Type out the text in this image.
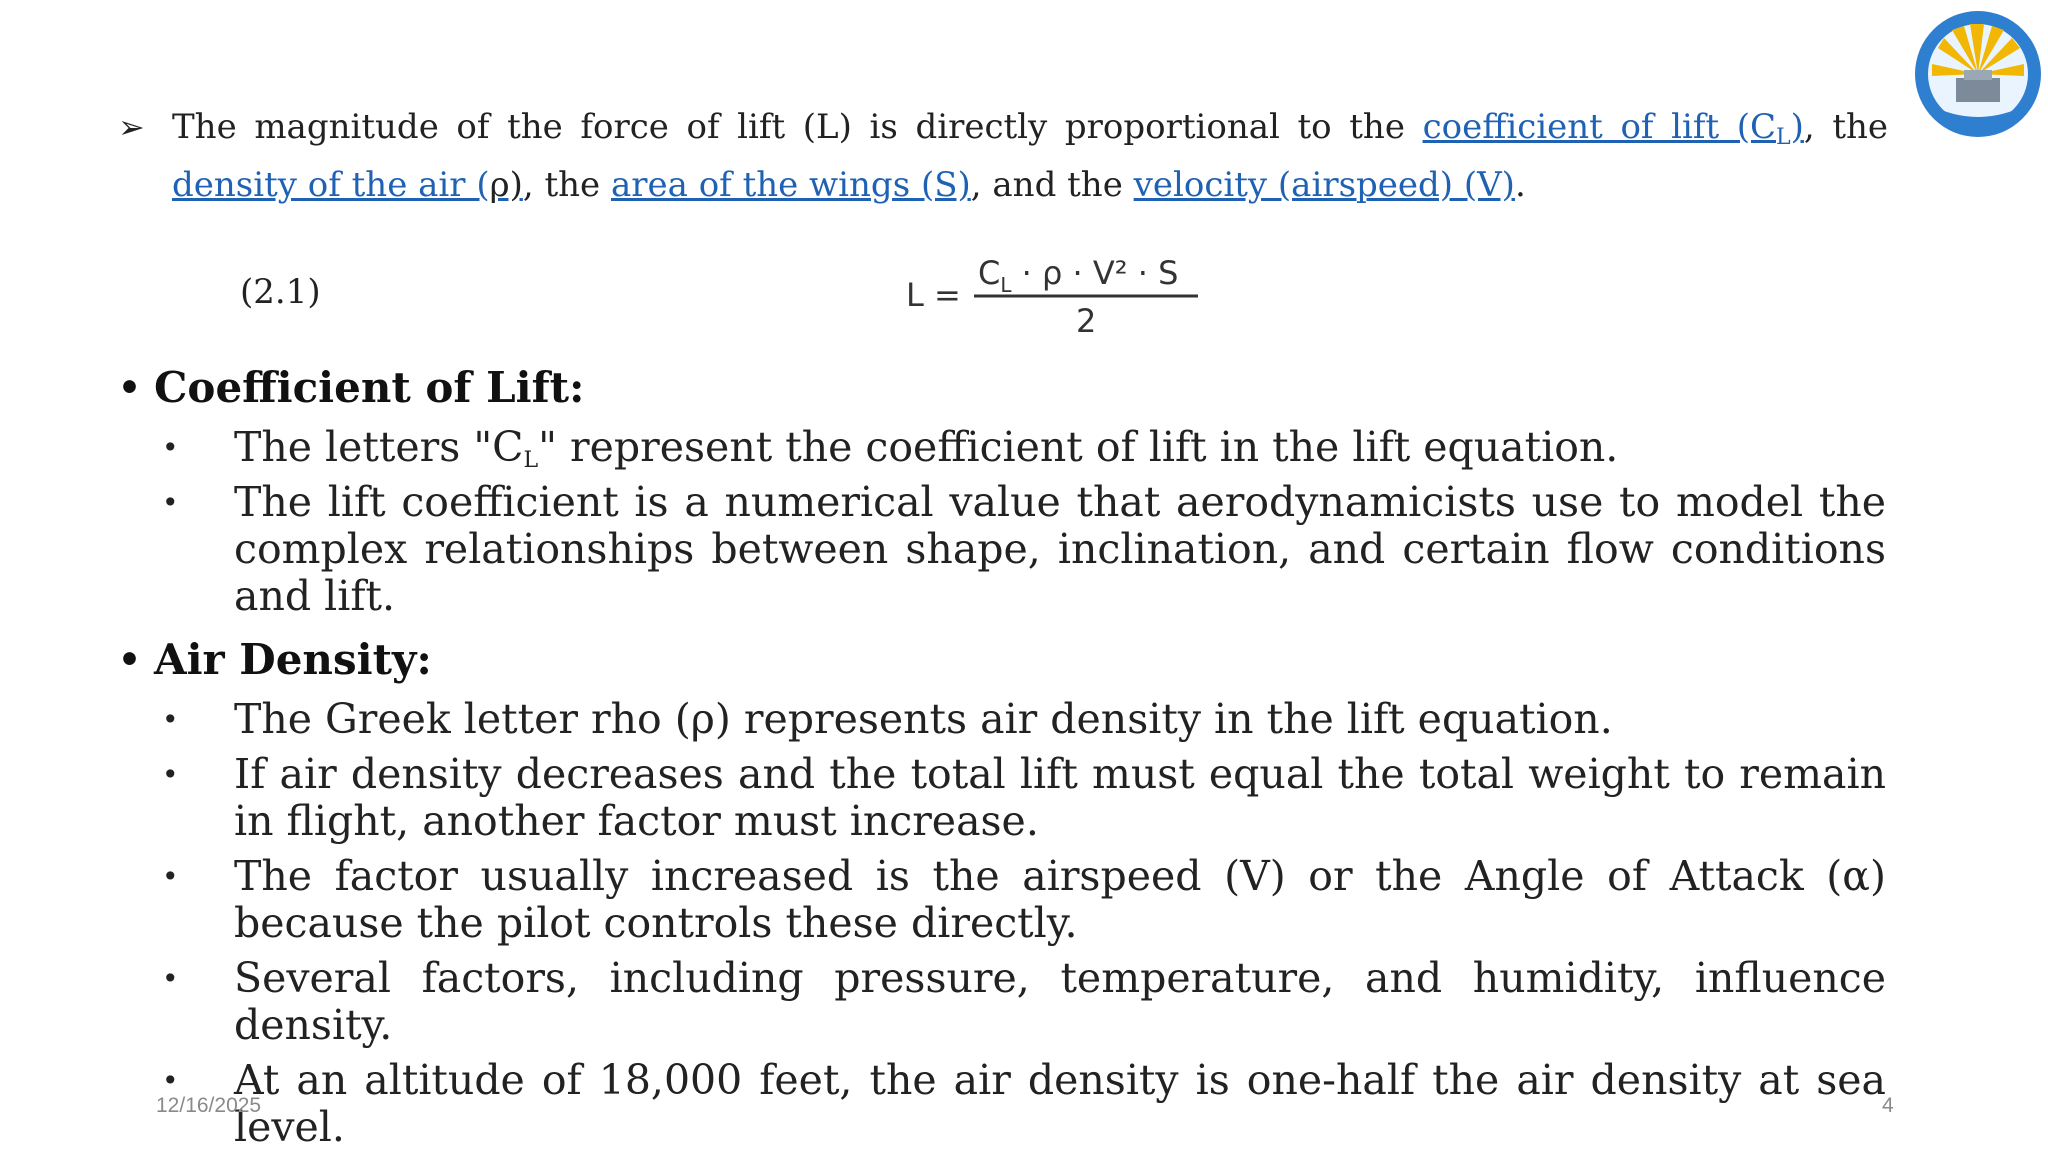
➢ The magnitude of the force of lift (L) is directly proportional to the coefficient of lift $(C_L)$, the density of the air (ρ), the area of the wings (S), and the velocity (airspeed) (V).

(2.1)	L =
$C_L \cdot \rho \cdot V^2 \cdot S$
2
• Coefficient of Lift:
• The letters "$C_L$" represent the coefficient of lift in the lift equation.
• The lift coefficient is a numerical value that aerodynamicists use to model the complex relationships between shape, inclination, and certain flow conditions and lift.
• Air Density:
• The Greek letter rho (ρ) represents air density in the lift equation.
• If air density decreases and the total lift must equal the total weight to remain in flight, another factor must increase.
• The factor usually increased is the airspeed (V) or the Angle of Attack (α) because the pilot controls these directly.
• Several factors, including pressure, temperature, and humidity, influence density.
• At an altitude of 18,000 feet, the air density is one-half the air density at sea level.
12/16/2025	4
